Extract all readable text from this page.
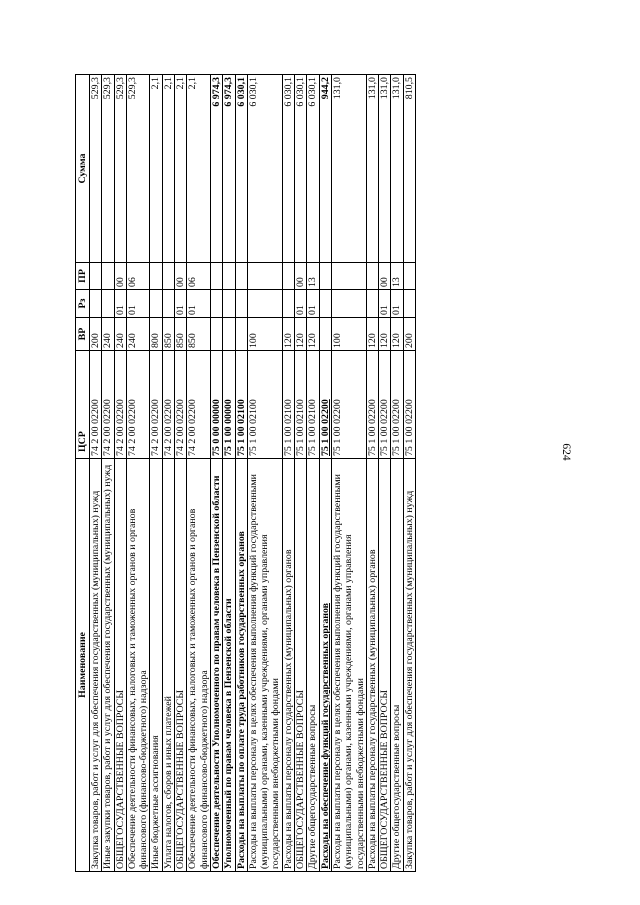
624
Наименование	ЦСР	ВР	Рз	ПР	Сумма
Закупка товаров, работ и услуг для обеспечения государственных (муниципальных) нужд	74 2 00 02200	200			529,3
Иные закупки товаров, работ и услуг для обеспечения государственных (муниципальных) нужд	74 2 00 02200	240			529,3
ОБЩЕГОСУДАРСТВЕННЫЕ ВОПРОСЫ	74 2 00 02200	240	01	00	529,3
Обеспечение деятельности финансовых, налоговых и таможенных органов и органов финансового (финансово-бюджетного) надзора	74 2 00 02200	240	01	06	529,3
Иные бюджетные ассигнования	74 2 00 02200	800			2,1
Уплата налогов, сборов и иных платежей	74 2 00 02200	850			2,1
ОБЩЕГОСУДАРСТВЕННЫЕ ВОПРОСЫ	74 2 00 02200	850	01	00	2,1
Обеспечение деятельности финансовых, налоговых и таможенных органов и органов финансового (финансово-бюджетного) надзора	74 2 00 02200	850	01	06	2,1
Обеспечение деятельности Уполномоченного по правам человека в Пензенской области	75 0 00 00000				6 974,3
Уполномоченный по правам человека в Пензенской области	75 1 00 00000				6 974,3
Расходы на выплаты по оплате труда работников государственных органов	75 1 00 02100				6 030,1
Расходы на выплаты персоналу в целях обеспечения выполнения функций государственными (муниципальными) органами, казенными учреждениями, органами управления государственными внебюджетными фондами	75 1 00 02100	100			6 030,1
Расходы на выплаты персоналу государственных (муниципальных) органов	75 1 00 02100	120			6 030,1
ОБЩЕГОСУДАРСТВЕННЫЕ ВОПРОСЫ	75 1 00 02100	120	01	00	6 030,1
Другие общегосударственные вопросы	75 1 00 02100	120	01	13	6 030,1
Расходы на обеспечение функций государственных органов	75 1 00 02200				944,2
Расходы на выплаты персоналу в целях обеспечения выполнения функций государственными (муниципальными) органами, казенными учреждениями, органами управления государственными внебюджетными фондами	75 1 00 02200	100			131,0
Расходы на выплаты персоналу государственных (муниципальных) органов	75 1 00 02200	120			131,0
ОБЩЕГОСУДАРСТВЕННЫЕ ВОПРОСЫ	75 1 00 02200	120	01	00	131,0
Другие общегосударственные вопросы	75 1 00 02200	120	01	13	131,0
Закупка товаров, работ и услуг для обеспечения государственных (муниципальных) нужд	75 1 00 02200	200			810,5
